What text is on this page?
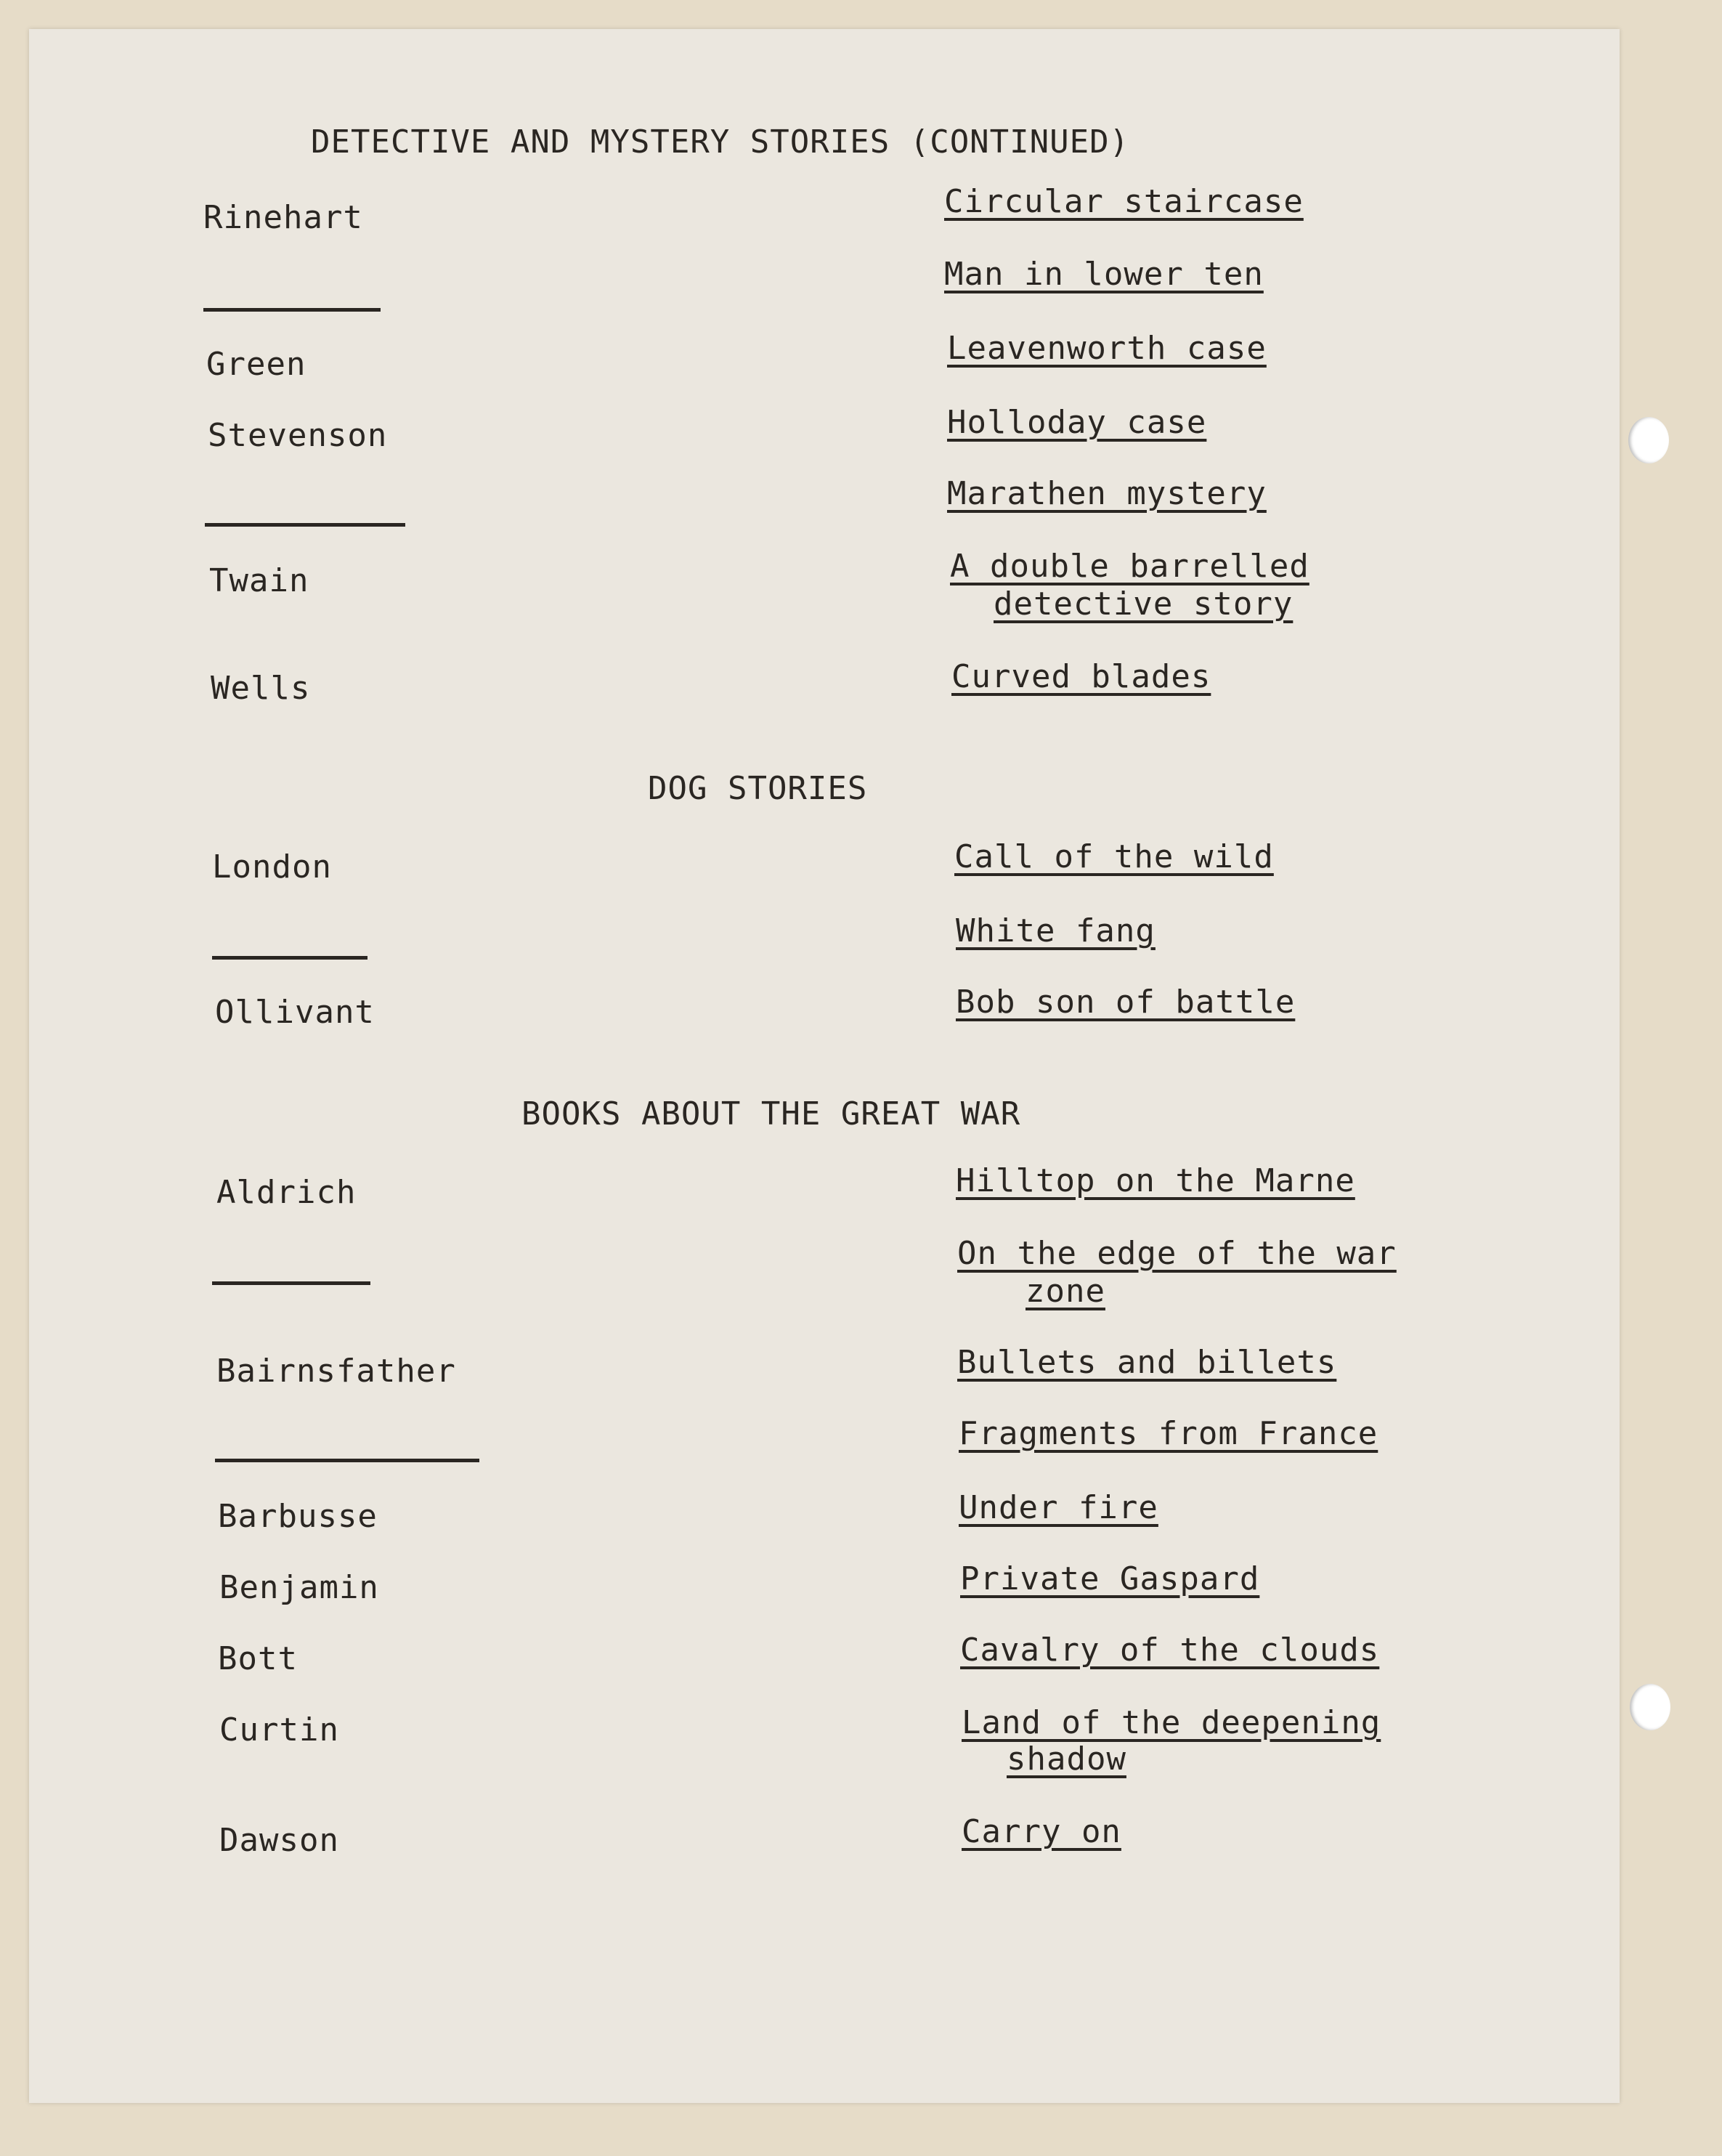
DETECTIVE AND MYSTERY STORIES (CONTINUED)
Rinehart	Circular staircase
Man in lower ten
Green	Leavenworth case
Stevenson	Holloday case
Marathen mystery
Twain	A double barrelled
detective story
Wells	Curved blades
DOG STORIES
London	Call of the wild
White fang
Ollivant	Bob son of battle
BOOKS ABOUT THE GREAT WAR
Aldrich	Hilltop on the Marne
On the edge of the war
zone
Bairnsfather	Bullets and billets
Fragments from France
Barbusse	Under fire
Benjamin	Private Gaspard
Bott	Cavalry of the clouds
Curtin	Land of the deepening
shadow
Dawson	Carry on
